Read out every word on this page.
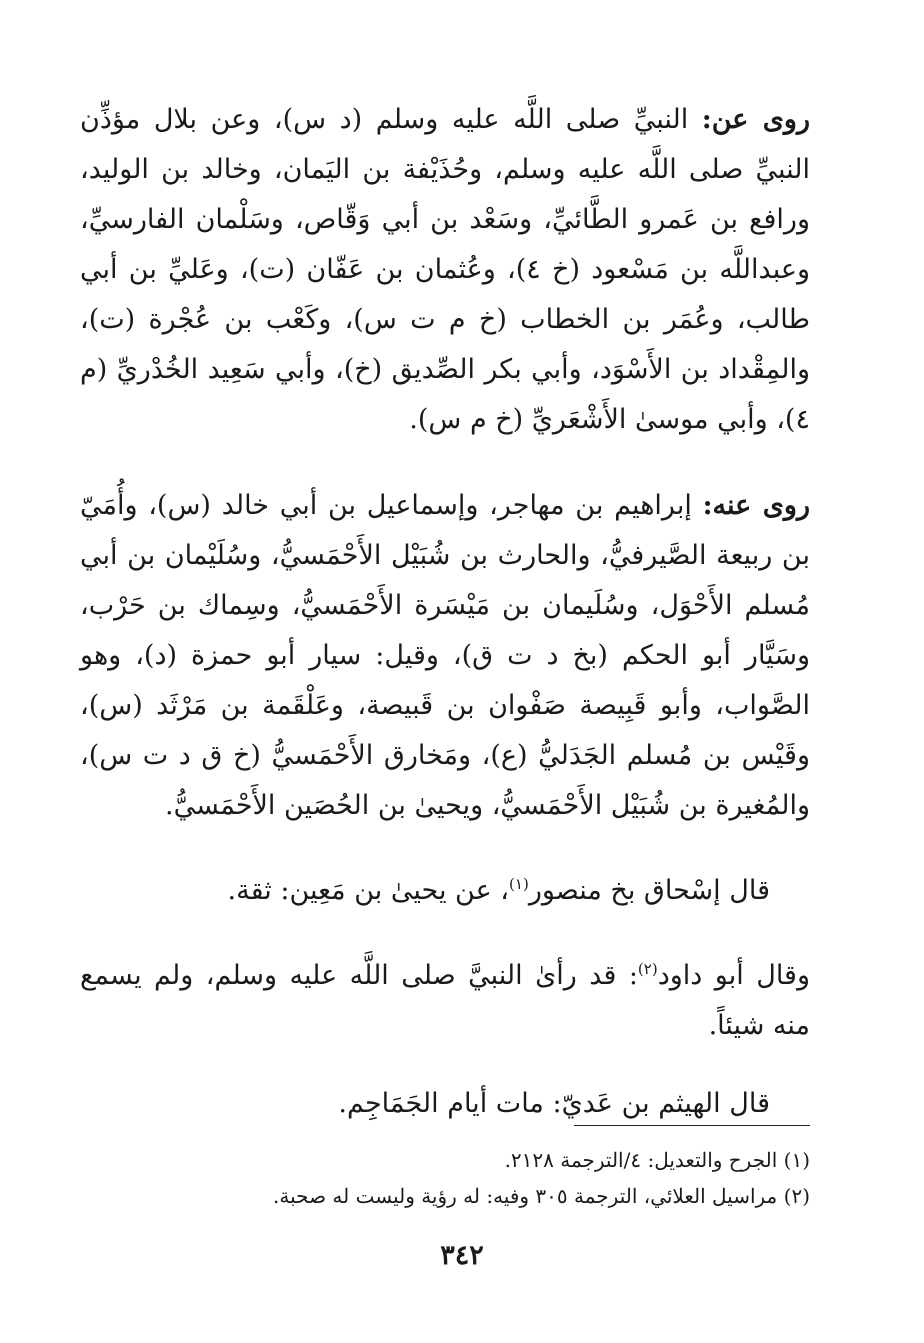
روى عن: النبيِّ صلى اللَّه عليه وسلم (د س)، وعن بلال مؤذِّن النبيِّ صلى اللَّه عليه وسلم، وحُذَيْفة بن اليَمان، وخالد بن الوليد، ورافع بن عَمرو الطَّائيِّ، وسَعْد بن أبي وَقّاص، وسَلْمان الفارسيِّ، وعبداللَّه بن مَسْعود (خ ٤)، وعُثمان بن عَفّان (ت)، وعَليِّ بن أبي طالب، وعُمَر بن الخطاب (خ م ت س)، وكَعْب بن عُجْرة (ت)، والمِقْداد بن الأَسْوَد، وأبي بكر الصِّديق (خ)، وأبي سَعِيد الخُدْريِّ (م ٤)، وأبي موسىٰ الأَشْعَريِّ (خ م س).

روى عنه: إبراهيم بن مهاجر، وإسماعيل بن أبي خالد (س)، وأُمَيّ بن ربيعة الصَّيرفيُّ، والحارث بن شُبَيْل الأَحْمَسيُّ، وسُلَيْمان بن أبي مُسلم الأَحْوَل، وسُلَيمان بن مَيْسَرة الأَحْمَسيُّ، وسِماك بن حَرْب، وسَيَّار أبو الحكم (بخ د ت ق)، وقيل: سيار أبو حمزة (د)، وهو الصَّواب، وأبو قَبِيصة صَفْوان بن قَبيصة، وعَلْقَمة بن مَرْثَد (س)، وقَيْس بن مُسلم الجَدَليُّ (ع)، ومَخارق الأَحْمَسيُّ (خ ق د ت س)، والمُغيرة بن شُبَيْل الأَحْمَسيُّ، ويحيىٰ بن الحُصَين الأَحْمَسيُّ.

قال إسْحاق بخ منصور$^{(١)}$، عن يحيىٰ بن مَعِين: ثقة.

وقال أبو داود$^{(٢)}$: قد رأىٰ النبيَّ صلى اللَّه عليه وسلم، ولم يسمع منه شيئاً.

قال الهيثم بن عَديّ: مات أيام الجَمَاجِم.

(١) الجرح والتعديل: ٤/الترجمة ٢١٢٨.

(٢) مراسيل العلائي، الترجمة ٣٠٥ وفيه: له رؤية وليست له صحبة.

٣٤٢
